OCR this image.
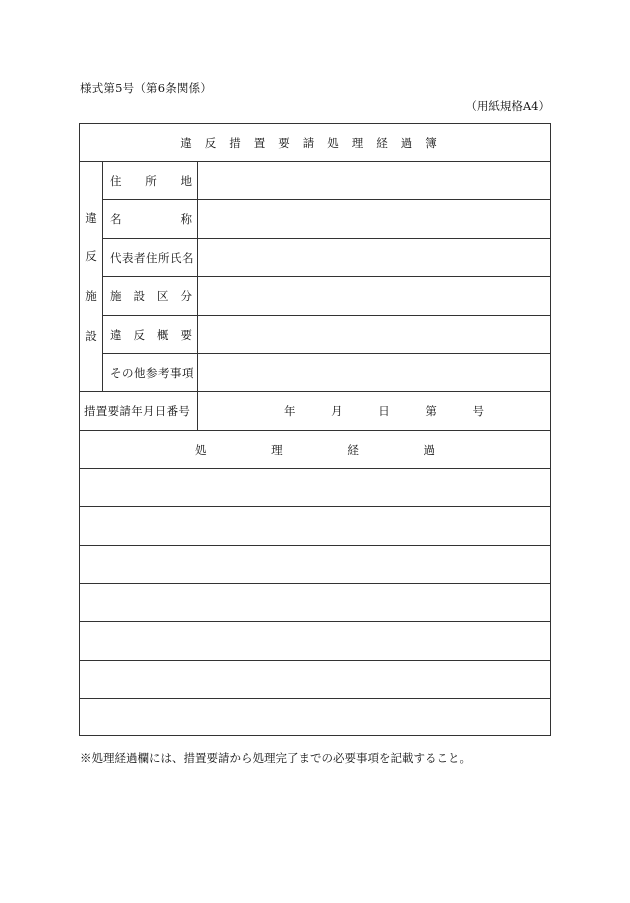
様式第5号（第6条関係）
（用紙規格A4）
違反措置要請処理経過簿
違
反
施
設
住 所 地
名	称
代表者住所氏名
施 設 区 分
違 反 概 要
その他参考事項
措置要請年月日番号	年	月	日	第	号
処	理	経	過
※処理経過欄には、措置要請から処理完了までの必要事項を記載すること。
